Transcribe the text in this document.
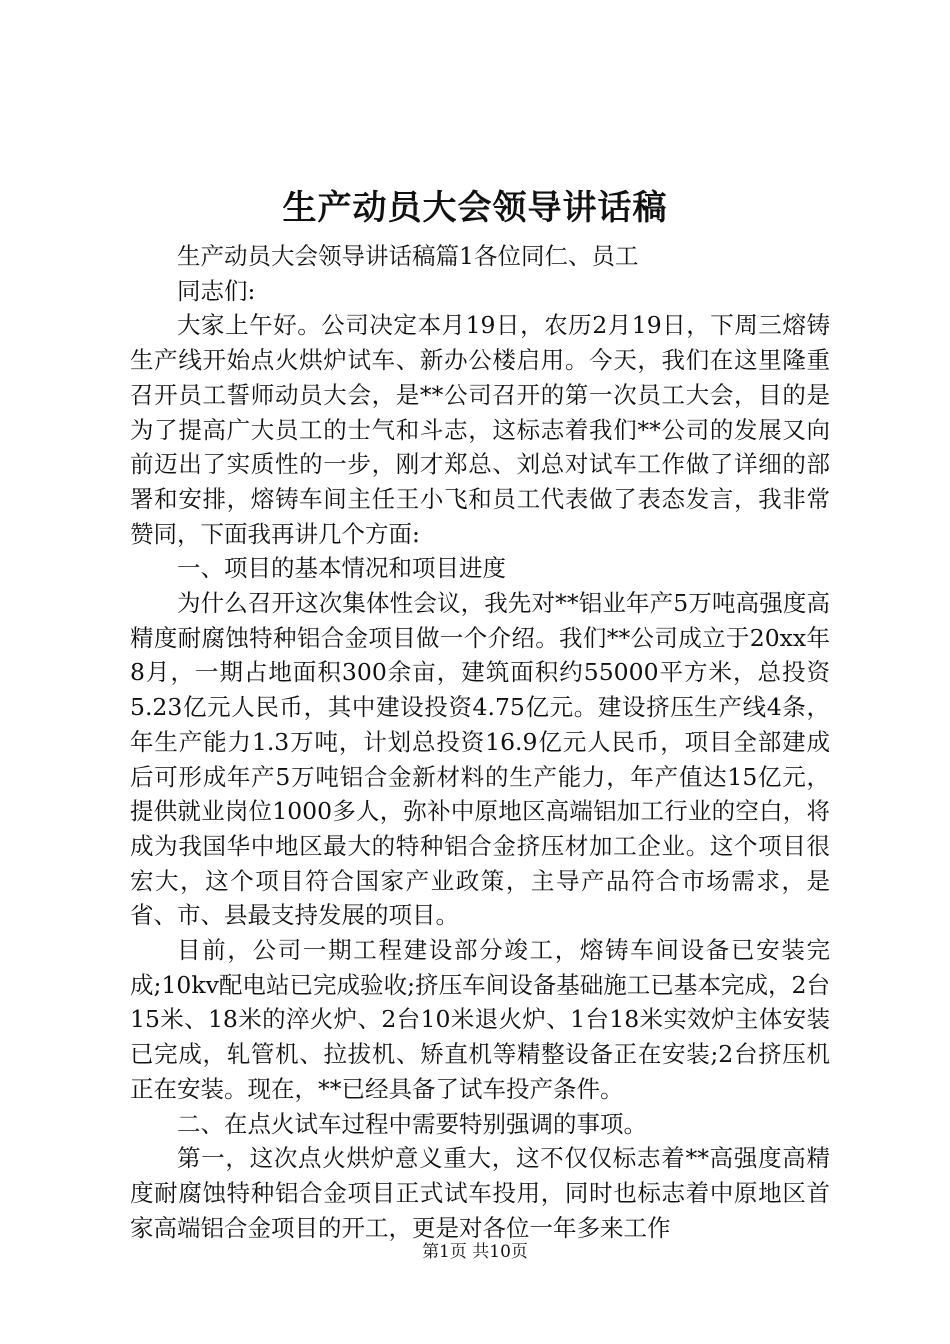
生产动员大会领导讲话稿

生产动员大会领导讲话稿篇1各位同仁、员工

同志们:

大家上午好。公司决定本月19日，农历2月19日，下周三熔铸生产线开始点火烘炉试车、新办公楼启用。今天，我们在这里隆重召开员工誓师动员大会，是**公司召开的第一次员工大会，目的是为了提高广大员工的士气和斗志，这标志着我们**公司的发展又向前迈出了实质性的一步，刚才郑总、刘总对试车工作做了详细的部署和安排，熔铸车间主任王小飞和员工代表做了表态发言，我非常赞同，下面我再讲几个方面:

一、项目的基本情况和项目进度

为什么召开这次集体性会议，我先对**铝业年产5万吨高强度高精度耐腐蚀特种铝合金项目做一个介绍。我们**公司成立于20xx年8月，一期占地面积300余亩，建筑面积约55000平方米，总投资5.23亿元人民币，其中建设投资4.75亿元。建设挤压生产线4条，年生产能力1.3万吨，计划总投资16.9亿元人民币，项目全部建成后可形成年产5万吨铝合金新材料的生产能力，年产值达15亿元，提供就业岗位1000多人，弥补中原地区高端铝加工行业的空白，将成为我国华中地区最大的特种铝合金挤压材加工企业。这个项目很宏大，这个项目符合国家产业政策，主导产品符合市场需求，是省、市、县最支持发展的项目。

目前，公司一期工程建设部分竣工，熔铸车间设备已安装完成;10kv配电站已完成验收;挤压车间设备基础施工已基本完成，2台15米、18米的淬火炉、2台10米退火炉、1台18米实效炉主体安装已完成，轧管机、拉拔机、矫直机等精整设备正在安装;2台挤压机正在安装。现在，**已经具备了试车投产条件。

二、在点火试车过程中需要特别强调的事项。

第一，这次点火烘炉意义重大，这不仅仅标志着**高强度高精度耐腐蚀特种铝合金项目正式试车投用，同时也标志着中原地区首家高端铝合金项目的开工，更是对各位一年多来工作

第1页 共10页
